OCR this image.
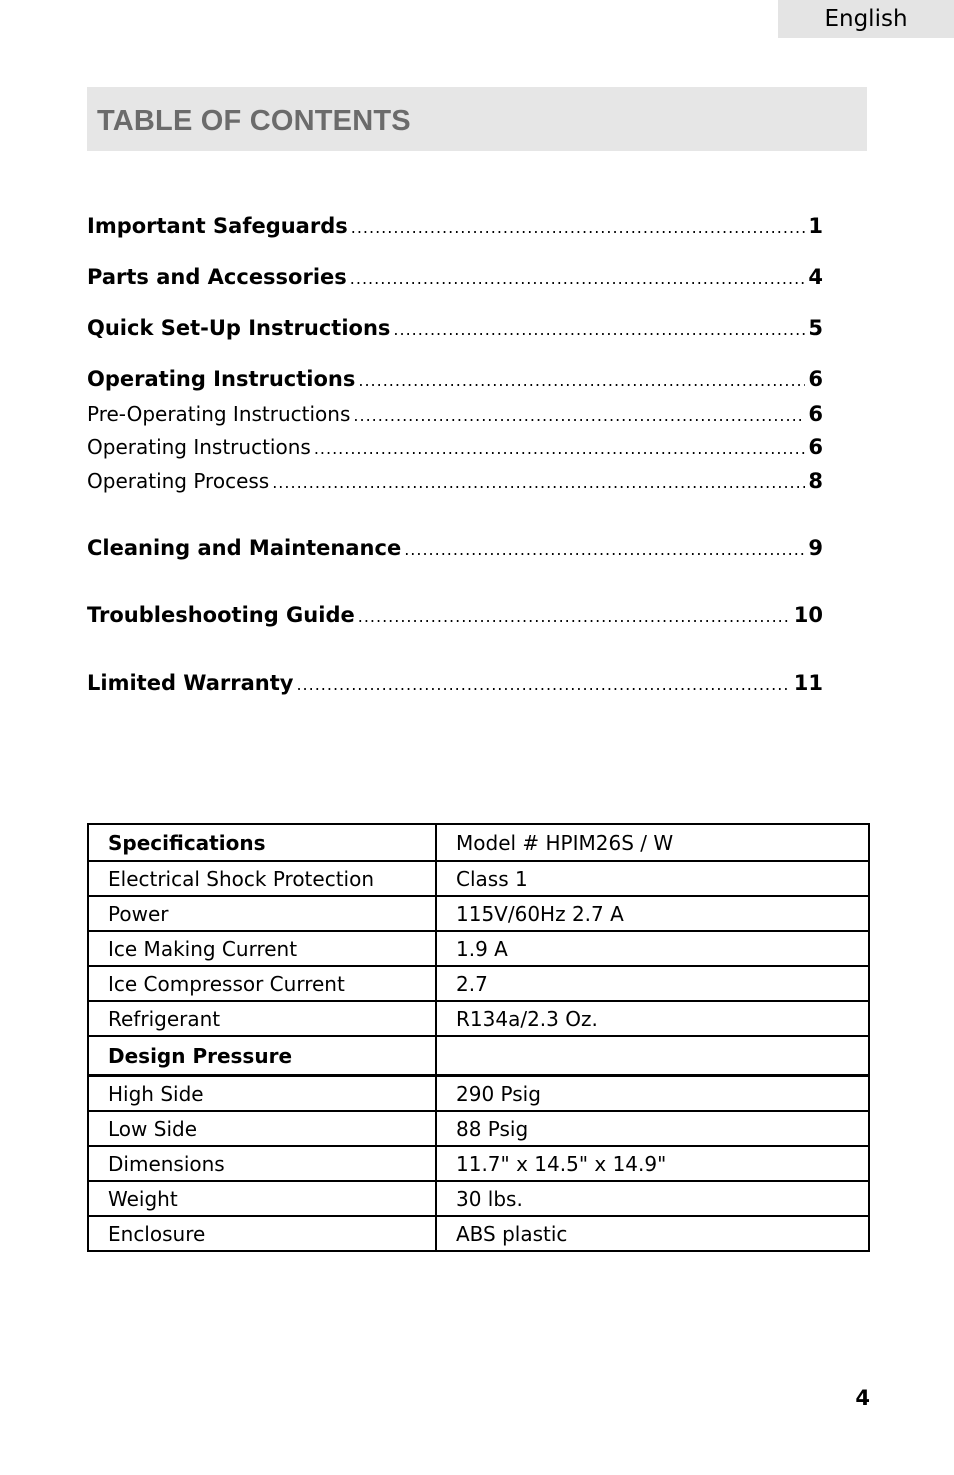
English
TABLE OF CONTENTS
Important Safeguards .....	1
Parts and Accessories .....	4
Quick Set-Up Instructions .....	5
Operating Instructions .....	6
Pre-Operating Instructions .....	6
Operating Instructions .....	6
Operating Process .....	8
Cleaning and Maintenance .....	9
Troubleshooting Guide .....	10
Limited Warranty .....	11
Specifications	Model # HPIM26S / W
Electrical Shock Protection	Class 1
Power	115V/60Hz 2.7 A
Ice Making Current	1.9 A
Ice Compressor Current	2.7
Refrigerant	R134a/2.3 Oz.
Design Pressure	
High Side	290 Psig
Low Side	88 Psig
Dimensions	11.7" x 14.5" x 14.9"
Weight	30 lbs.
Enclosure	ABS plastic
4
